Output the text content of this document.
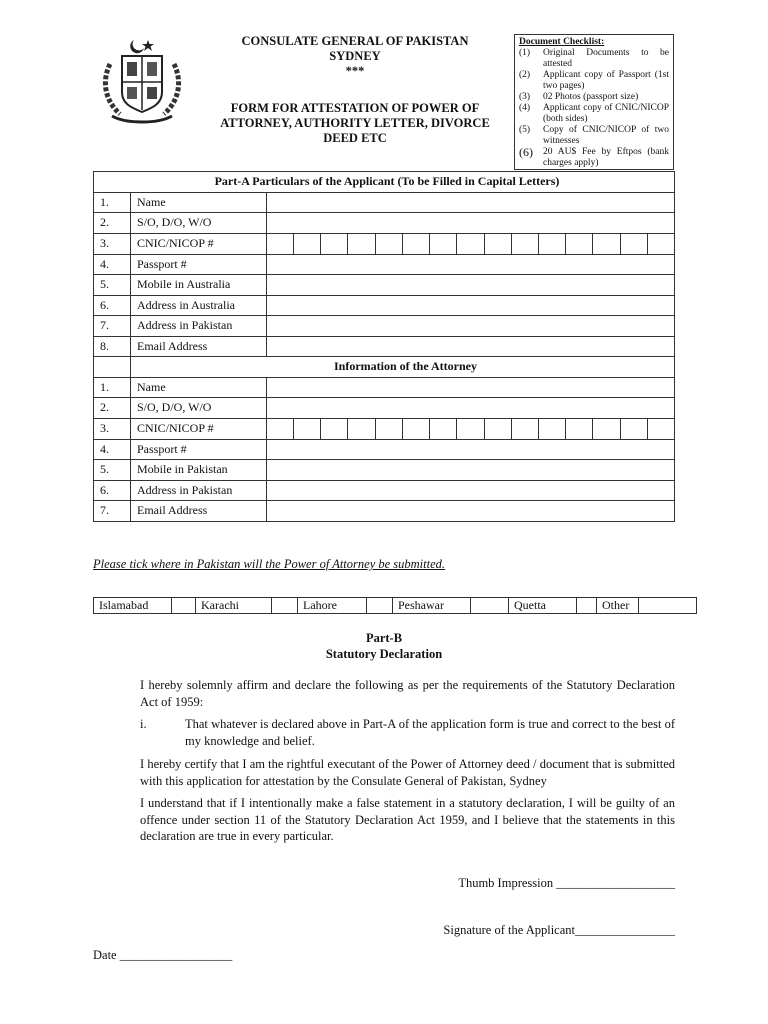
CONSULATE GENERAL OF PAKISTAN
SYDNEY
***
FORM FOR ATTESTATION OF POWER OF
ATTORNEY, AUTHORITY LETTER, DIVORCE
DEED ETC
Document Checklist:
(1)	Original Documents to be attested
(2)	Applicant copy of Passport (1st two pages)
(3)	02 Photos (passport size)
(4)	Applicant copy of CNIC/NICOP (both sides)
(5)	Copy of CNIC/NICOP of two witnesses
(6)	20 AU$ Fee by Eftpos (bank charges apply)
Part-A Particulars of the Applicant (To be Filled in Capital Letters)		
1.	Name	
2.	S/O, D/O, W/O	
3.	CNIC/NICOP #	

4.	Passport #	
5.	Mobile in Australia	
6.	Address in Australia	
7.	Address in Pakistan	
8.	Email Address	
	Information of the Attorney	
1.	Name	
2.	S/O, D/O, W/O	
3.	CNIC/NICOP #	

4.	Passport #	
5.	Mobile in Pakistan	
6.	Address in Pakistan	
7.	Email Address	
Please tick where in Pakistan will the Power of Attorney be submitted.
Islamabad		Karachi		Lahore		Peshawar		Quetta		Other	
Part-B
Statutory Declaration
I hereby solemnly affirm and declare the following as per the requirements of the Statutory Declaration Act of 1959:
i.	That whatever is declared above in Part-A of the application form is true and correct to the best of my knowledge and belief.
I hereby certify that I am the rightful executant of the Power of Attorney deed / document that is submitted with this application for attestation by the Consulate General of Pakistan, Sydney
I understand that if I intentionally make a false statement in a statutory declaration, I will be guilty of an offence under section 11 of the Statutory Declaration Act 1959, and I believe that the statements in this declaration are true in every particular.
Thumb Impression ___________________
Signature of the Applicant________________
Date __________________
